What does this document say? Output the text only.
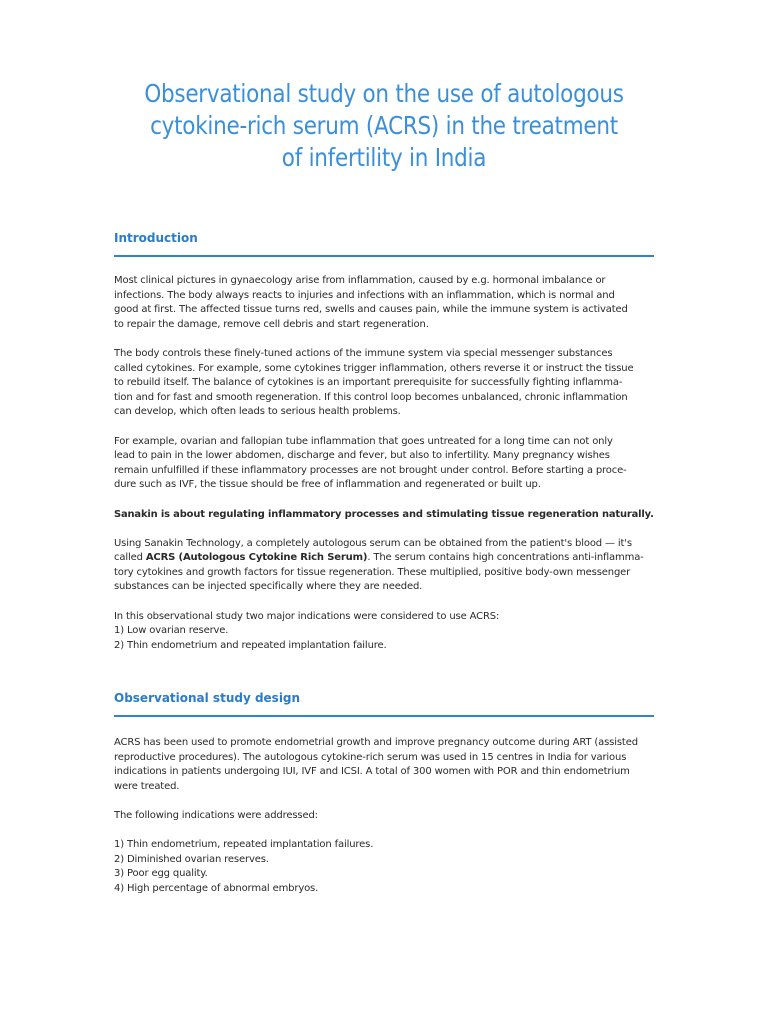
Observational study on the use of autologous
cytokine-rich serum (ACRS) in the treatment
of infertility in India
Introduction
Most clinical pictures in gynaecology arise from inflammation, caused by e.g. hormonal imbalance or
infections. The body always reacts to injuries and infections with an inflammation, which is normal and
good at first. The affected tissue turns red, swells and causes pain, while the immune system is activated
to repair the damage, remove cell debris and start regeneration.
The body controls these finely-tuned actions of the immune system via special messenger substances
called cytokines. For example, some cytokines trigger inflammation, others reverse it or instruct the tissue
to rebuild itself. The balance of cytokines is an important prerequisite for successfully fighting inflamma-
tion and for fast and smooth regeneration. If this control loop becomes unbalanced, chronic inflammation
can develop, which often leads to serious health problems.
For example, ovarian and fallopian tube inflammation that goes untreated for a long time can not only
lead to pain in the lower abdomen, discharge and fever, but also to infertility. Many pregnancy wishes
remain unfulfilled if these inflammatory processes are not brought under control. Before starting a proce-
dure such as IVF, the tissue should be free of inflammation and regenerated or built up.
Sanakin is about regulating inflammatory processes and stimulating tissue regeneration naturally.
Using Sanakin Technology, a completely autologous serum can be obtained from the patient's blood — it's
called ACRS (Autologous Cytokine Rich Serum). The serum contains high concentrations anti-inflamma-
tory cytokines and growth factors for tissue regeneration. These multiplied, positive body-own messenger
substances can be injected specifically where they are needed.
In this observational study two major indications were considered to use ACRS:
1) Low ovarian reserve.
2) Thin endometrium and repeated implantation failure.
Observational study design
ACRS has been used to promote endometrial growth and improve pregnancy outcome during ART (assisted
reproductive procedures). The autologous cytokine-rich serum was used in 15 centres in India for various
indications in patients undergoing IUI, IVF and ICSI. A total of 300 women with POR and thin endometrium
were treated.
The following indications were addressed:
1) Thin endometrium, repeated implantation failures.
2) Diminished ovarian reserves.
3) Poor egg quality.
4) High percentage of abnormal embryos.
